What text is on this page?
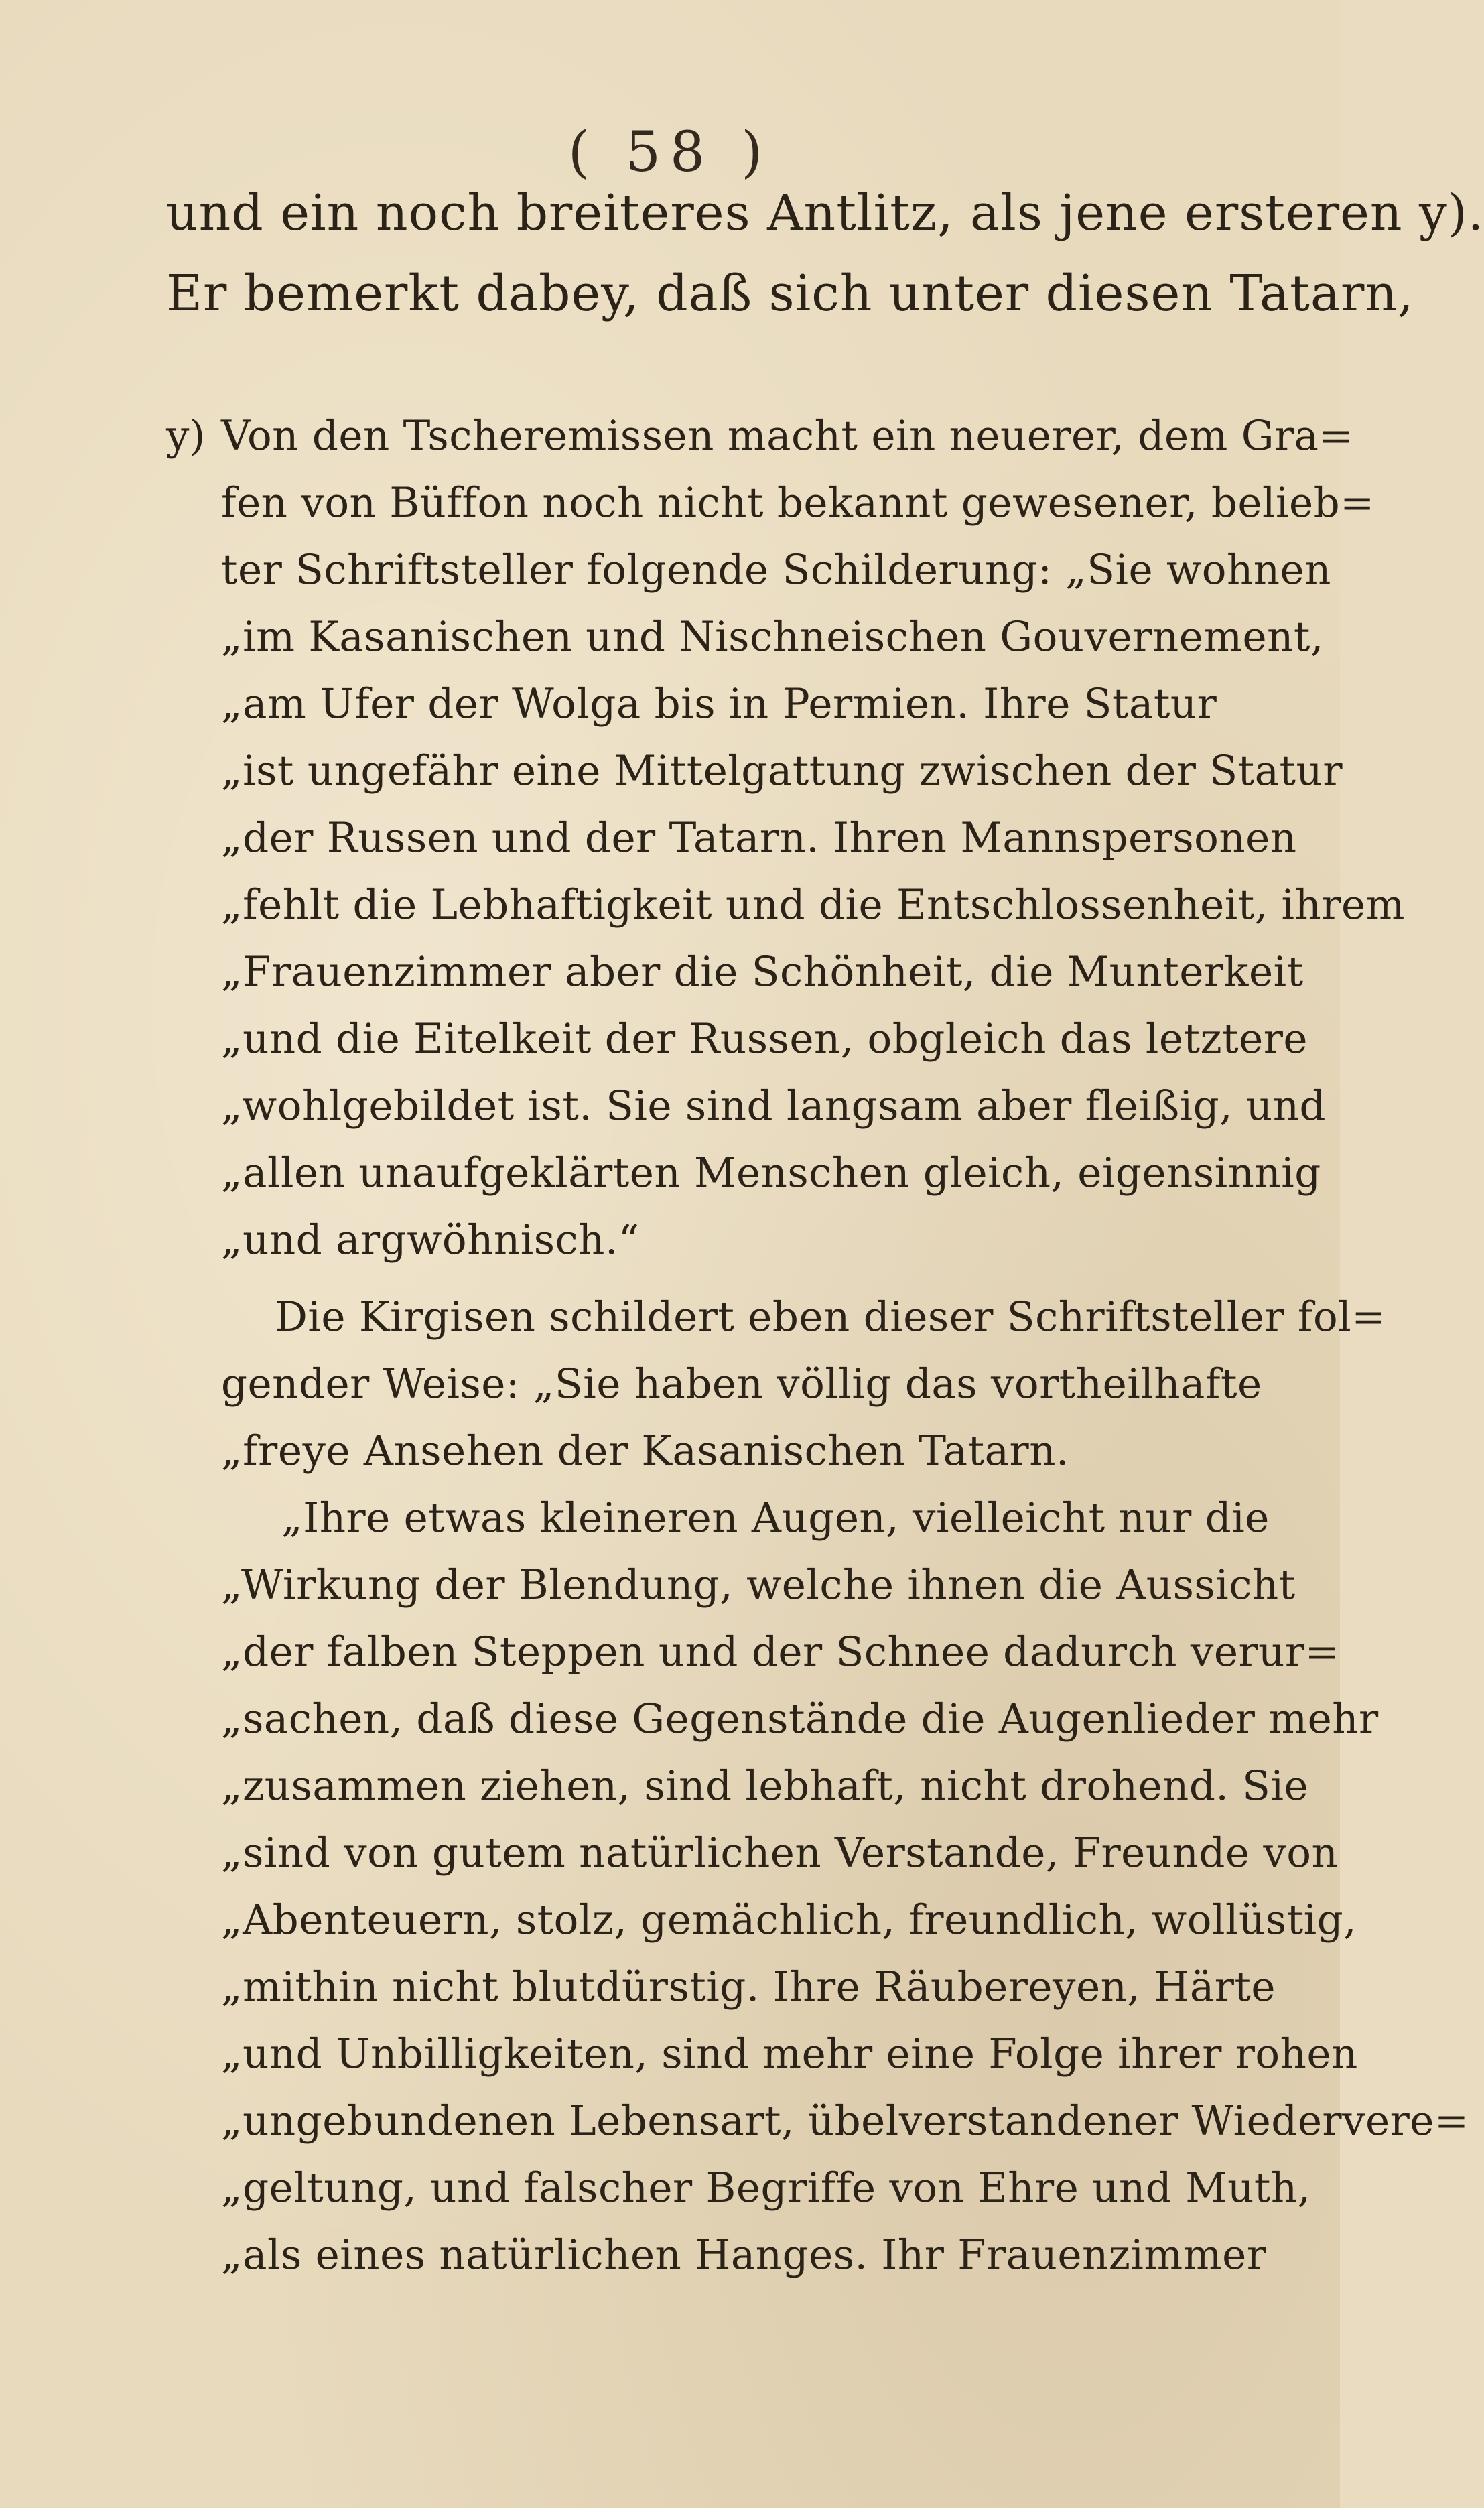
( 58 )
und ein noch breiteres Antlitz, als jene ersteren y).
Er bemerkt dabey, daß sich unter diesen Tatarn,
y) Von den Tscheremissen macht ein neuerer, dem Gra=
fen von Büffon noch nicht bekannt gewesener, belieb=
ter Schriftsteller folgende Schilderung: „Sie wohnen
„im Kasanischen und Nischneischen Gouvernement,
„am Ufer der Wolga bis in Permien. Ihre Statur
„ist ungefähr eine Mittelgattung zwischen der Statur
„der Russen und der Tatarn. Ihren Mannspersonen
„fehlt die Lebhaftigkeit und die Entschlossenheit, ihrem
„Frauenzimmer aber die Schönheit, die Munterkeit
„und die Eitelkeit der Russen, obgleich das letztere
„wohlgebildet ist. Sie sind langsam aber fleißig, und
„allen unaufgeklärten Menschen gleich, eigensinnig
„und argwöhnisch.“
Die Kirgisen schildert eben dieser Schriftsteller fol=
gender Weise: „Sie haben völlig das vortheilhafte
„freye Ansehen der Kasanischen Tatarn.
„Ihre etwas kleineren Augen, vielleicht nur die
„Wirkung der Blendung, welche ihnen die Aussicht
„der falben Steppen und der Schnee dadurch verur=
„sachen, daß diese Gegenstände die Augenlieder mehr
„zusammen ziehen, sind lebhaft, nicht drohend. Sie
„sind von gutem natürlichen Verstande, Freunde von
„Abenteuern, stolz, gemächlich, freundlich, wollüstig,
„mithin nicht blutdürstig. Ihre Räubereyen, Härte
„und Unbilligkeiten, sind mehr eine Folge ihrer rohen
„ungebundenen Lebensart, übelverstandener Wiedervere=
„geltung, und falscher Begriffe von Ehre und Muth,
„als eines natürlichen Hanges. Ihr Frauenzimmer
